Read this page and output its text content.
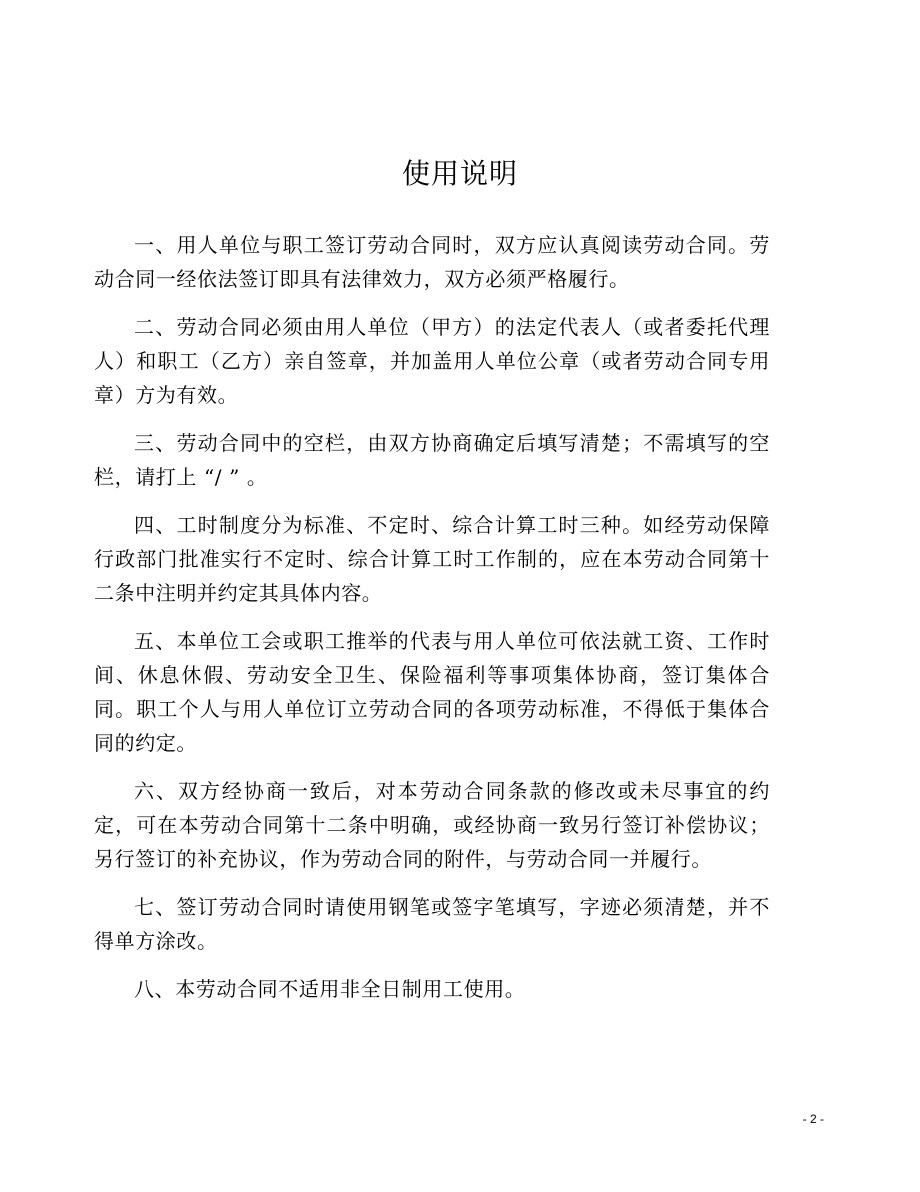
使用说明

一、用人单位与职工签订劳动合同时，双方应认真阅读劳动合同。劳动合同一经依法签订即具有法律效力，双方必须严格履行。

二、劳动合同必须由用人单位（甲方）的法定代表人（或者委托代理人）和职工（乙方）亲自签章，并加盖用人单位公章（或者劳动合同专用章）方为有效。

三、劳动合同中的空栏，由双方协商确定后填写清楚；不需填写的空栏，请打上 “/ ” 。

四、工时制度分为标准、不定时、综合计算工时三种。如经劳动保障行政部门批准实行不定时、综合计算工时工作制的，应在本劳动合同第十二条中注明并约定其具体内容。

五、本单位工会或职工推举的代表与用人单位可依法就工资、工作时间、休息休假、劳动安全卫生、保险福利等事项集体协商，签订集体合同。职工个人与用人单位订立劳动合同的各项劳动标准，不得低于集体合同的约定。

六、双方经协商一致后，对本劳动合同条款的修改或未尽事宜的约定，可在本劳动合同第十二条中明确，或经协商一致另行签订补偿协议；另行签订的补充协议，作为劳动合同的附件，与劳动合同一并履行。

七、签订劳动合同时请使用钢笔或签字笔填写，字迹必须清楚，并不得单方涂改。

八、本劳动合同不适用非全日制用工使用。

- 2 -
